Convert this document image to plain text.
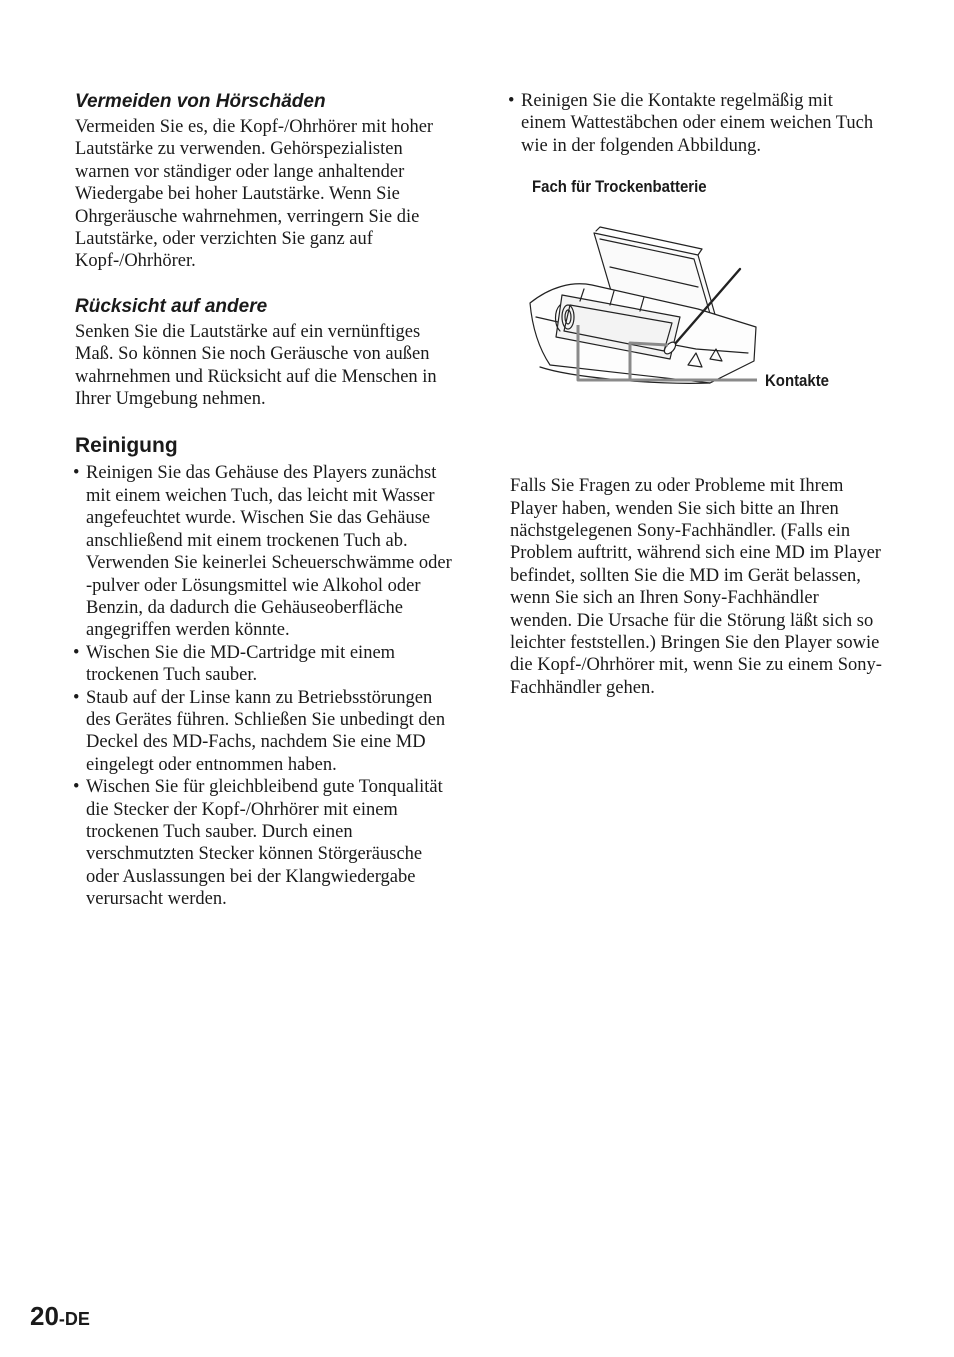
Vermeiden von Hörschäden

Vermeiden Sie es, die Kopf-/Ohrhörer mit hoher Lautstärke zu verwenden. Gehörspezialisten warnen vor ständiger oder lange anhaltender Wiedergabe bei hoher Lautstärke. Wenn Sie Ohrgeräusche wahrnehmen, verringern Sie die Lautstärke, oder verzichten Sie ganz auf Kopf-/Ohrhörer.

Rücksicht auf andere

Senken Sie die Lautstärke auf ein vernünftiges Maß. So können Sie noch Geräusche von außen wahrnehmen und Rücksicht auf die Menschen in Ihrer Umgebung nehmen.

Reinigung
• Reinigen Sie das Gehäuse des Players zunächst mit einem weichen Tuch, das leicht mit Wasser angefeuchtet wurde. Wischen Sie das Gehäuse anschließend mit einem trockenen Tuch ab. Verwenden Sie keinerlei Scheuerschwämme oder -pulver oder Lösungsmittel wie Alkohol oder Benzin, da dadurch die Gehäuseoberfläche angegriffen werden könnte.
• Wischen Sie die MD-Cartridge mit einem trockenen Tuch sauber.
• Staub auf der Linse kann zu Betriebsstörungen des Gerätes führen. Schließen Sie unbedingt den Deckel des MD-Fachs, nachdem Sie eine MD eingelegt oder entnommen haben.
• Wischen Sie für gleichbleibend gute Tonqualität die Stecker der Kopf-/Ohrhörer mit einem trockenen Tuch sauber. Durch einen verschmutzten Stecker können Störgeräusche oder Auslassungen bei der Klangwiedergabe verursacht werden.
• Reinigen Sie die Kontakte regelmäßig mit einem Wattestäbchen oder einem weichen Tuch wie in der folgenden Abbildung.
Fach für Trockenbatterie
Kontakte

Falls Sie Fragen zu oder Probleme mit Ihrem Player haben, wenden Sie sich bitte an Ihren nächstgelegenen Sony-Fachhändler. (Falls ein Problem auftritt, während sich eine MD im Player befindet, sollten Sie die MD im Gerät belassen, wenn Sie sich an Ihren Sony-Fachhändler wenden. Die Ursache für die Störung läßt sich so leichter feststellen.) Bringen Sie den Player sowie die Kopf-/Ohrhörer mit, wenn Sie zu einem Sony-Fachhändler gehen.

20-DE
